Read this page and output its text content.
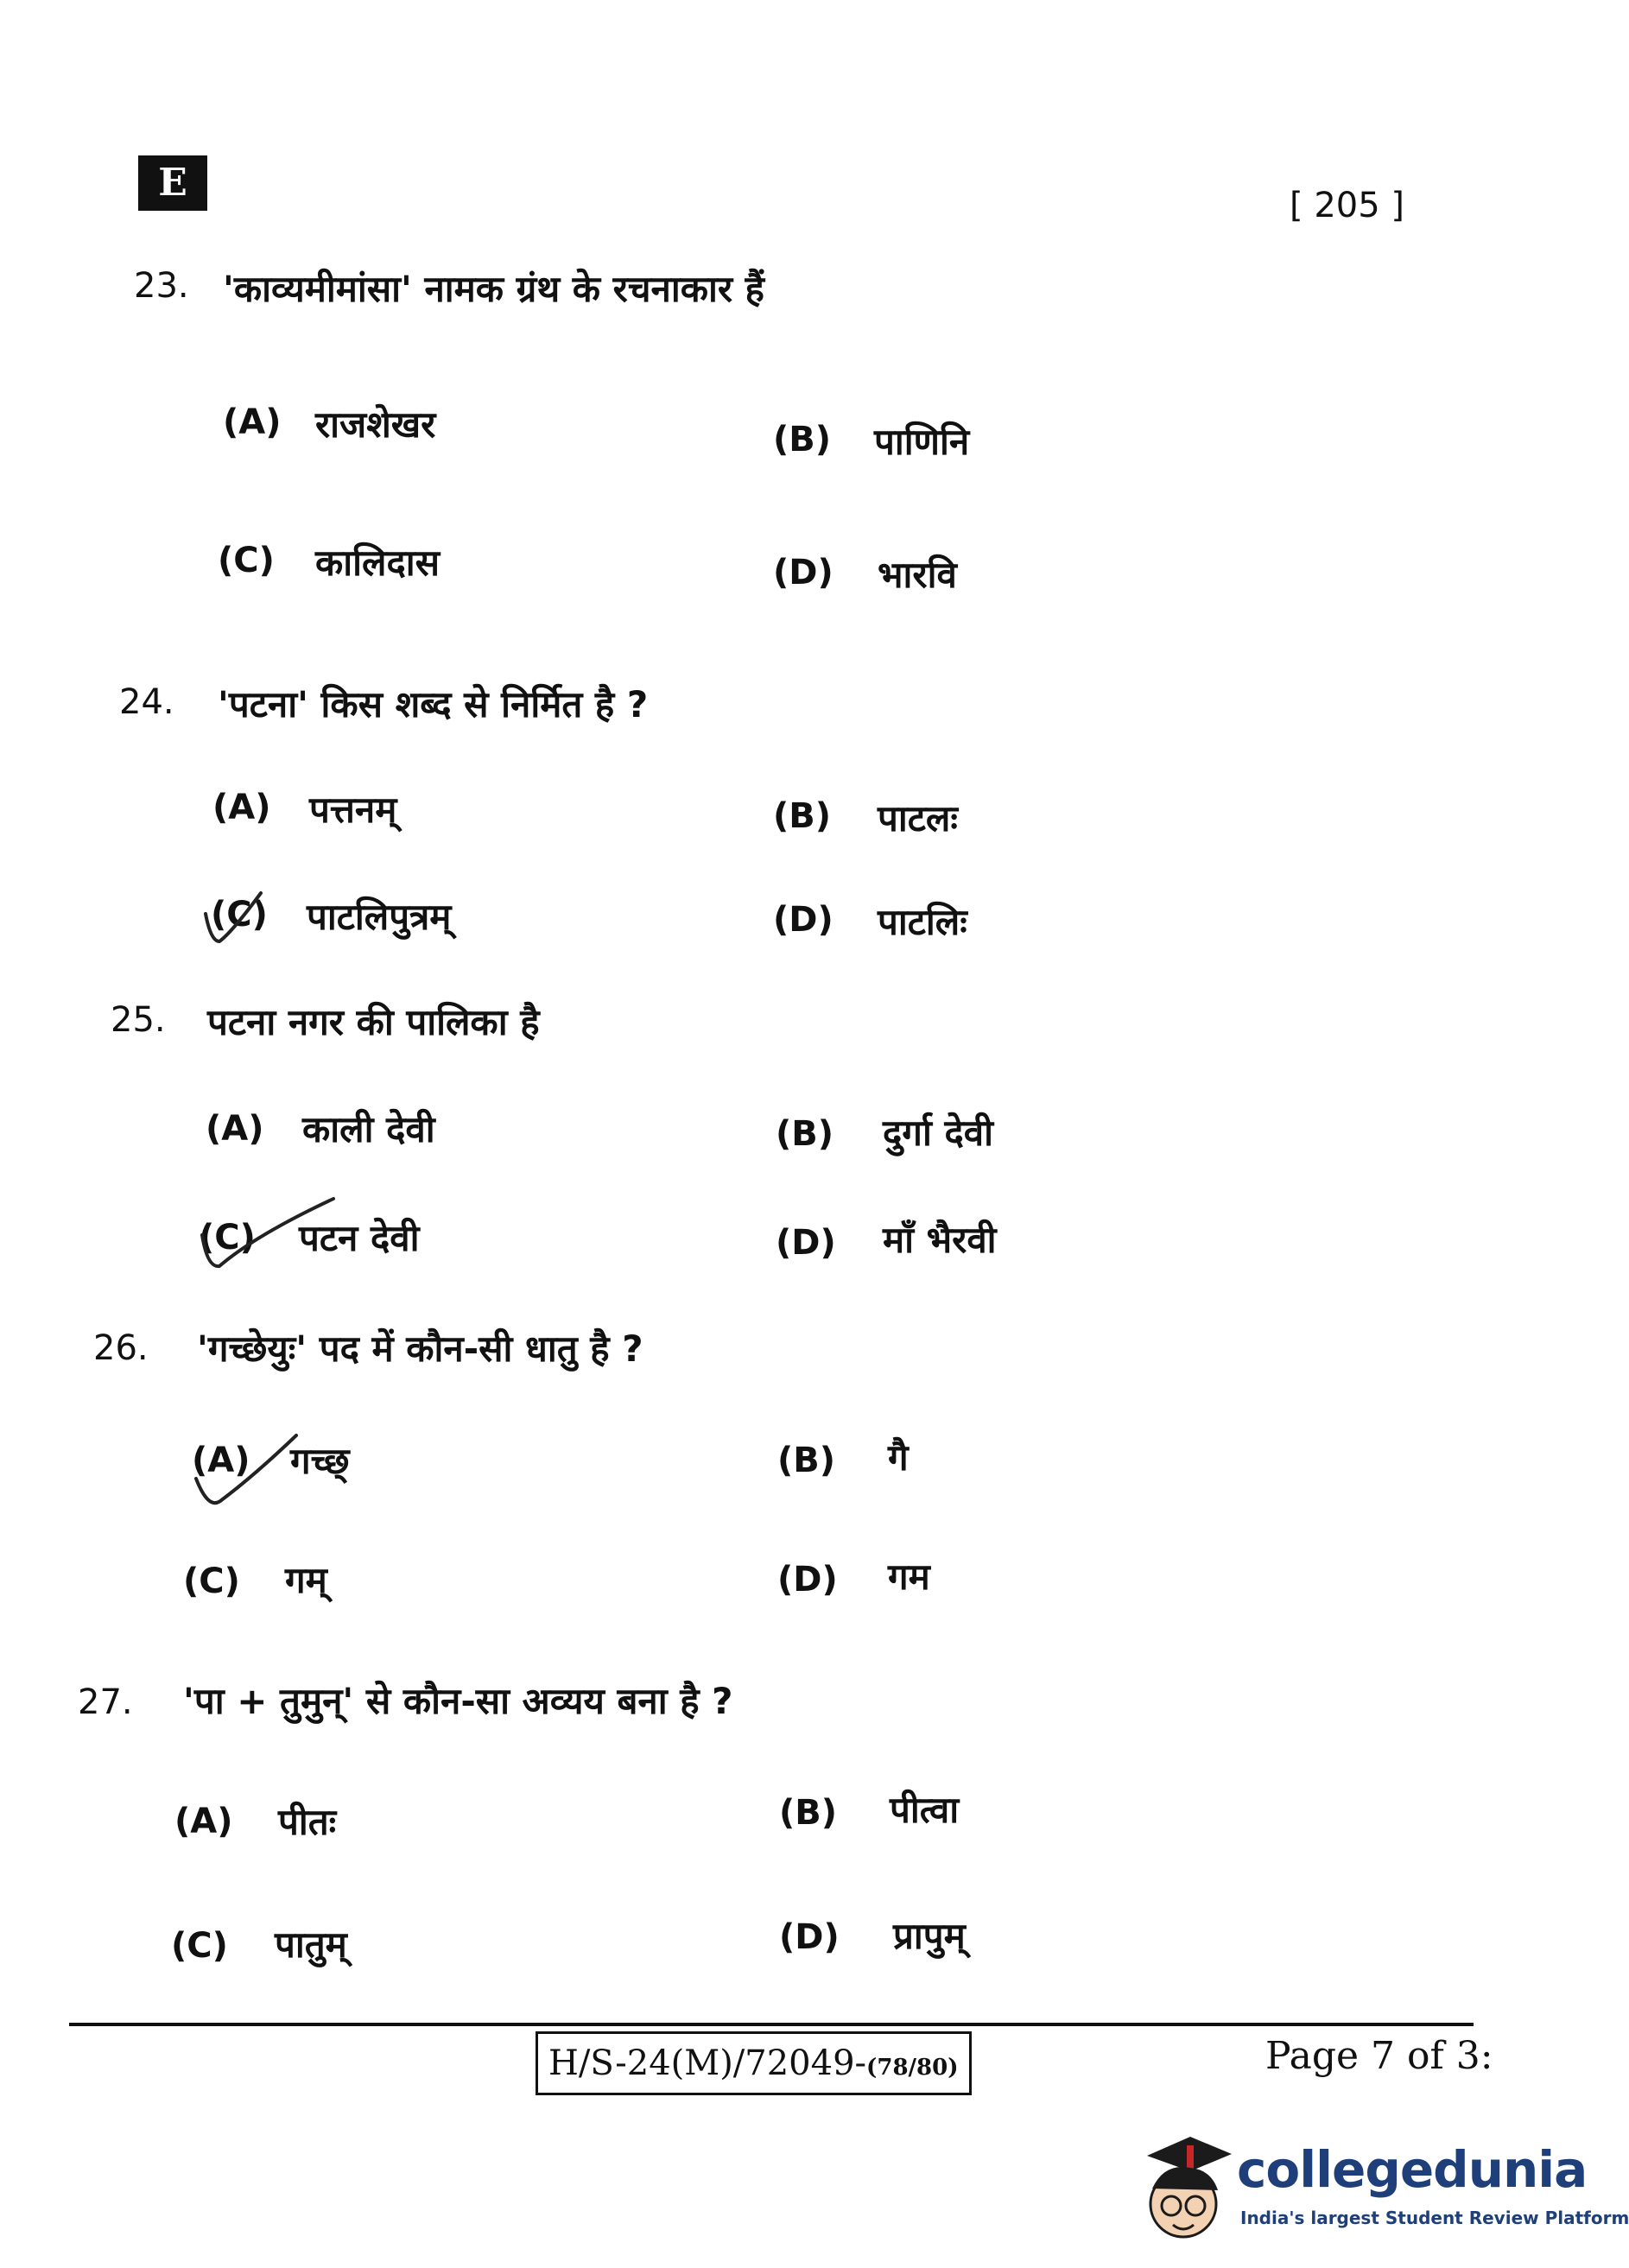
E
[ 205 ]
23. 'काव्यमीमांसा' नामक ग्रंथ के रचनाकार हैं
(A) राजशेखर	(B) पाणिनि
(C) कालिदास	(D) भारवि
24. 'पटना' किस शब्द से निर्मित है ?
(A) पत्तनम्	(B) पाटलः
(C) पाटलिपुत्रम्	(D) पाटलिः
25. पटना नगर की पालिका है
(A) काली देवी	(B) दुर्गा देवी
(C) पटन देवी	(D) माँ भैरवी
26. 'गच्छेयुः' पद में कौन-सी धातु है ?
(A) गच्छ्	(B) गै
(C) गम्	(D) गम
27. 'पा + तुमुन्' से कौन-सा अव्यय बना है ?
(A) पीतः	(B) पीत्वा
(C) पातुम्	(D) प्रापुम्
H/S-24(M)/72049-(78/80)	Page 7 of 3:
collegedunia
India's largest Student Review Platform
